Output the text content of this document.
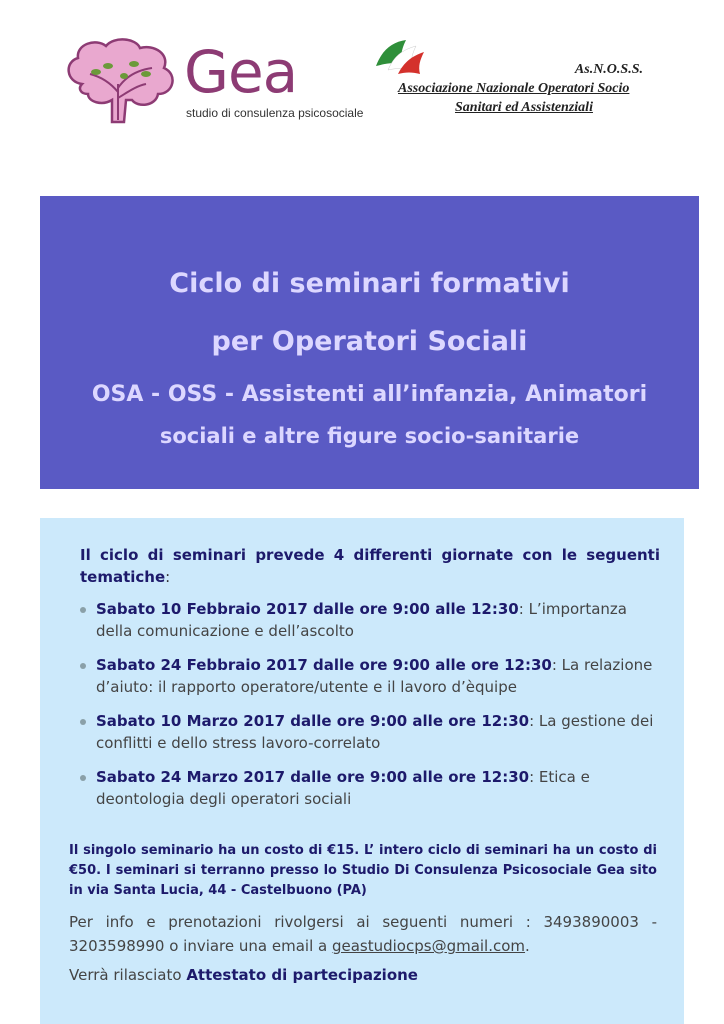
Gea
studio di consulenza psicosociale
As.N.O.S.S.
Associazione Nazionale Operatori Socio
Sanitari ed Assistenziali
Ciclo di seminari formativi
per Operatori Sociali
OSA - OSS - Assistenti all’infanzia, Animatori
sociali e altre figure socio-sanitarie

Il ciclo di seminari prevede 4 differenti giornate con le seguenti tematiche:

Sabato 10 Febbraio 2017 dalle ore 9:00 alle 12:30: L’importanza della comunicazione e dell’ascolto
Sabato 24 Febbraio 2017 dalle ore 9:00 alle ore 12:30: La relazione d’aiuto: il rapporto operatore/utente e il lavoro d’èquipe
Sabato 10 Marzo 2017 dalle ore 9:00 alle ore 12:30: La gestione dei conflitti e dello stress lavoro-correlato
Sabato 24 Marzo 2017 dalle ore 9:00 alle ore 12:30: Etica e deontologia degli operatori sociali

Il singolo seminario ha un costo di €15. L’ intero ciclo di seminari ha un costo di €50. I seminari si terranno presso lo Studio Di Consulenza Psicosociale Gea sito in via Santa Lucia, 44 - Castelbuono (PA)

Per info e prenotazioni rivolgersi ai seguenti numeri : 3493890003 - 3203598990 o inviare una email a geastudiocps@gmail.com.

Verrà rilasciato Attestato di partecipazione
